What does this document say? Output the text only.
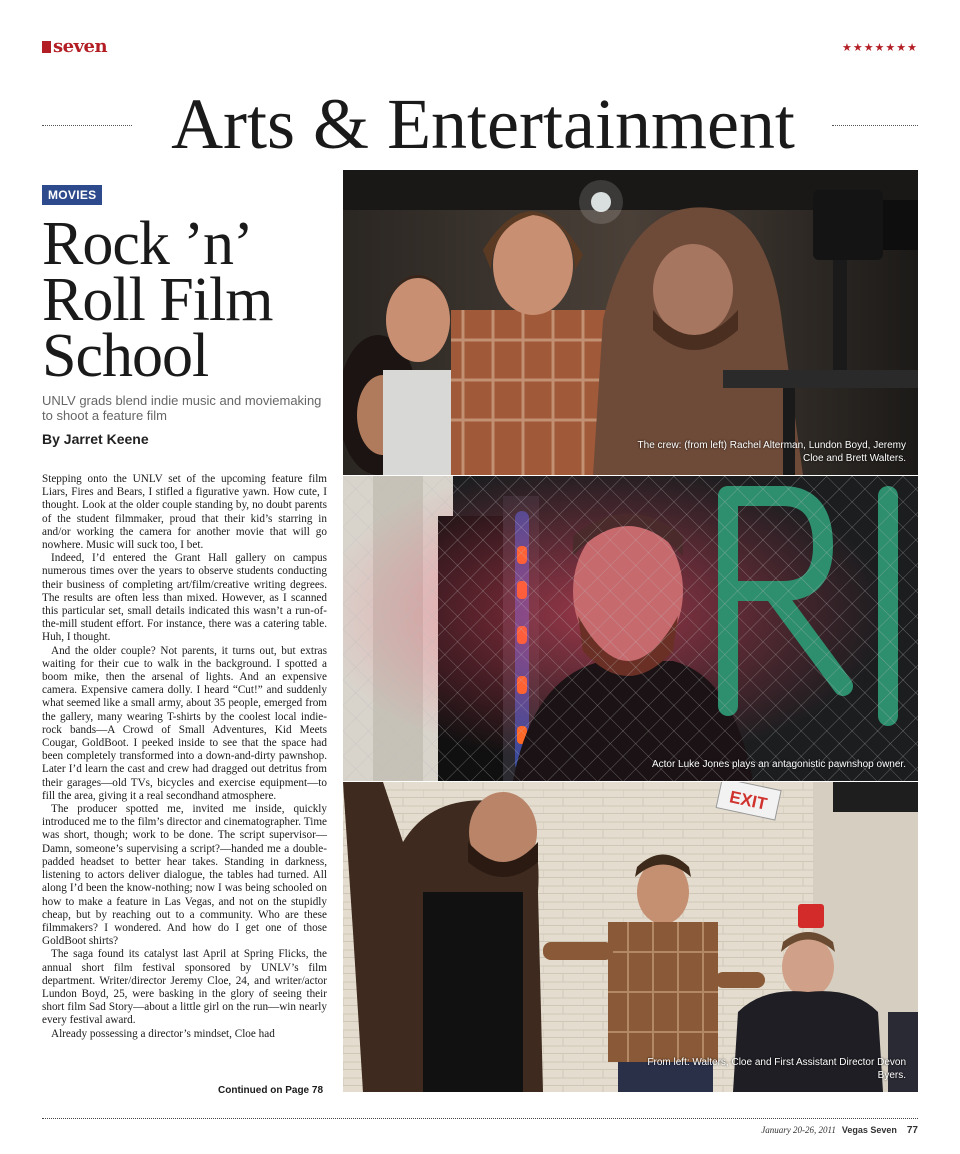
seven	★★★★★★★
Arts & Entertainment
MOVIES
Rock ’n’
Roll Film
School

UNLV grads blend indie music and moviemaking to shoot a feature film

By Jarret Keene

Stepping onto the UNLV set of the upcoming feature film Liars, Fires and Bears, I stifled a figurative yawn. How cute, I thought. Look at the older couple standing by, no doubt parents of the student filmmaker, proud that their kid’s starring in and/or working the camera for another movie that will go nowhere. Music will suck too, I bet.

Indeed, I’d entered the Grant Hall gallery on campus numerous times over the years to observe students conducting their business of completing art/film/creative writing degrees. The results are often less than mixed. However, as I scanned this particular set, small details indicated this wasn’t a run-of-the-mill student effort. For instance, there was a catering table. Huh, I thought.

And the older couple? Not parents, it turns out, but extras waiting for their cue to walk in the background. I spotted a boom mike, then the arsenal of lights. And an expensive camera. Expensive camera dolly. I heard “Cut!” and suddenly what seemed like a small army, about 35 people, emerged from the gallery, many wearing T-shirts by the coolest local indie-rock bands—A Crowd of Small Adventures, Kid Meets Cougar, GoldBoot. I peeked inside to see that the space had been completely transformed into a down-and-dirty pawnshop. Later I’d learn the cast and crew had dragged out detritus from their garages—old TVs, bicycles and exercise equipment—to fill the area, giving it a real secondhand atmosphere.

The producer spotted me, invited me inside, quickly introduced me to the film’s director and cinematographer. Time was short, though; work to be done. The script supervisor—Damn, someone’s supervising a script?—handed me a double-padded headset to better hear takes. Standing in darkness, listening to actors deliver dialogue, the tables had turned. All along I’d been the know-nothing; now I was being schooled on how to make a feature in Las Vegas, and not on the stupidly cheap, but by reaching out to a community. Who are these filmmakers? I wondered. And how do I get one of those GoldBoot shirts?

The saga found its catalyst last April at Spring Flicks, the annual short film festival sponsored by UNLV’s film department. Writer/director Jeremy Cloe, 24, and writer/actor Lundon Boyd, 25, were basking in the glory of seeing their short film Sad Story—about a little girl on the run—win nearly every festival award.

Already possessing a director’s mindset, Cloe had

Continued on Page 78
The crew: (from left) Rachel Alterman, Lundon Boyd, Jeremy Cloe and Brett Walters.
Actor Luke Jones plays an antagonistic pawnshop owner.
EXIT
From left: Walters, Cloe and First Assistant Director Devon Byers.
January 20-26, 2011 Vegas Seven 77
